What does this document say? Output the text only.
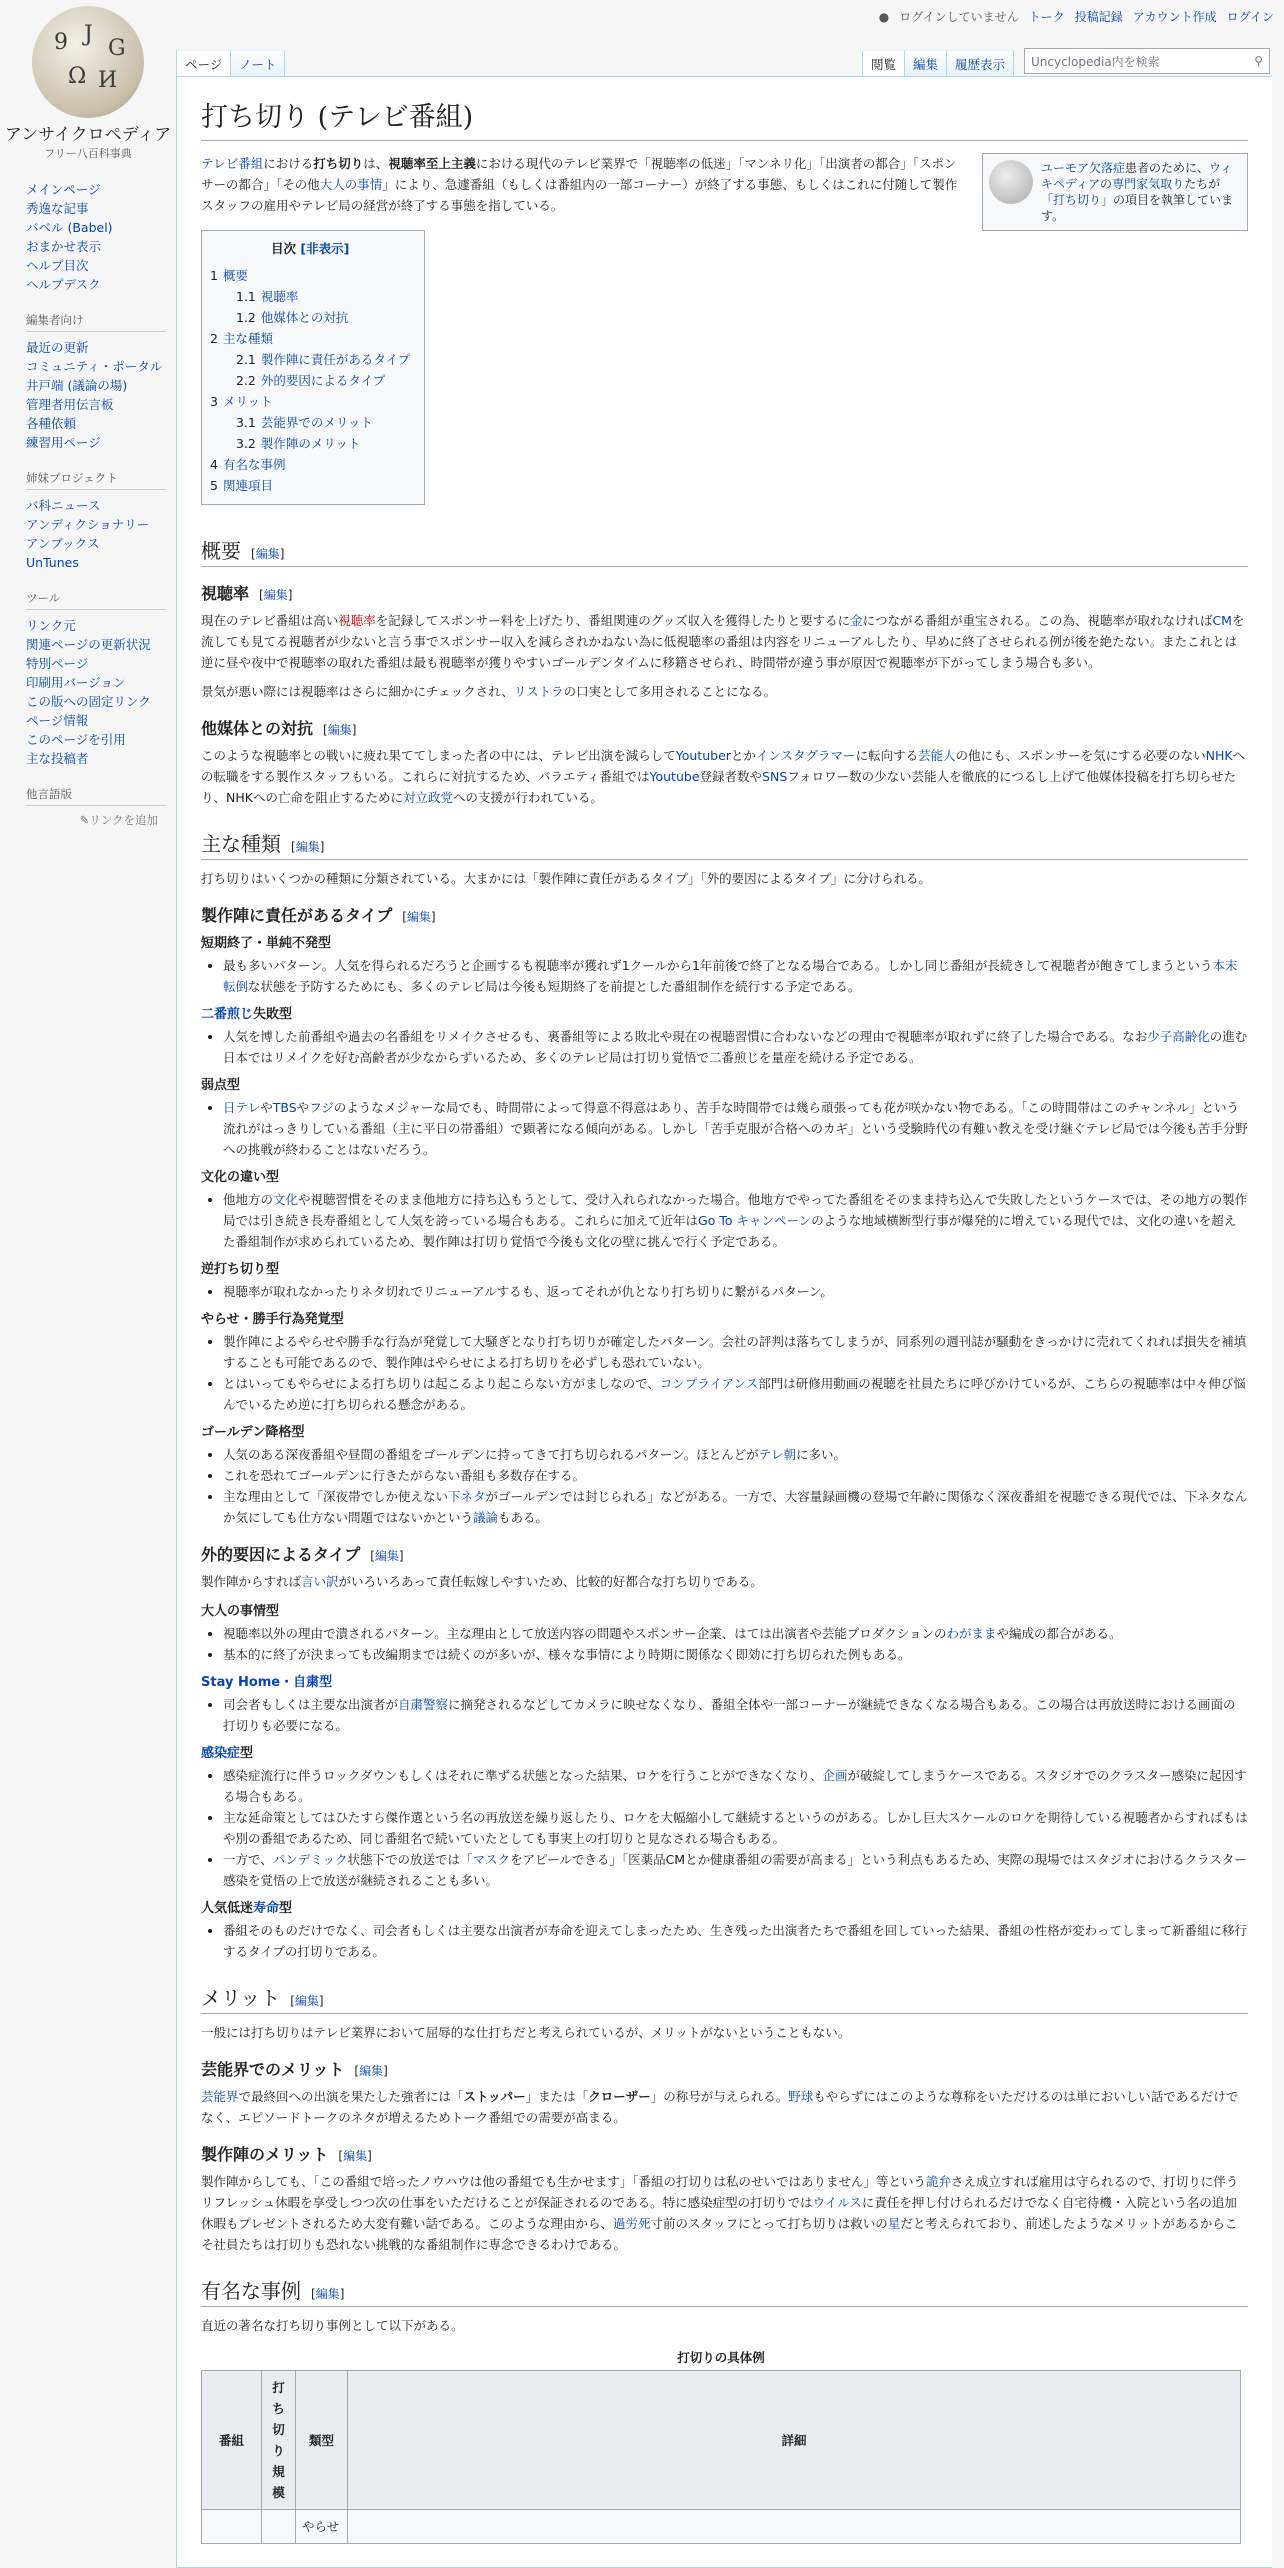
9 J
G
Ω И
アンサイクロペディア
フリー八百科事典
● ログインしていません トーク 投稿記録 アカウント作成 ログイン
ページ	ノート	閲覧	編集	履歴表示	Uncyclopedia内を検索	⚲
メインページ
秀逸な記事
バベル (Babel)
おまかせ表示
ヘルプ目次
ヘルプデスク
編集者向け
最近の更新
コミュニティ・ポータル
井戸端 (議論の場)
管理者用伝言板
各種依頼
練習用ページ
姉妹プロジェクト
バ科ニュース
アンディクショナリー
アンブックス
UnTunes
ツール
リンク元
関連ページの更新状況
特別ページ
印刷用バージョン
この版への固定リンク
ページ情報
このページを引用
主な投稿者
他言語版
✎リンクを追加
打ち切り (テレビ番組)
ユーモア欠落症患者のために、ウィキペディアの専門家気取りたちが「打ち切り」の項目を執筆しています。

テレビ番組における打ち切りは、視聴率至上主義における現代のテレビ業界で「視聴率の低迷」「マンネリ化」「出演者の都合」「スポンサーの都合」「その他大人の事情」により、急遽番組（もしくは番組内の一部コーナー）が終了する事態、もしくはこれに付随して製作スタッフの雇用やテレビ局の経営が終了する事態を指している。

目次 [非表示]
1 概要
1.1 視聴率
1.2 他媒体との対抗
2 主な種類
2.1 製作陣に責任があるタイプ
2.2 外的要因によるタイプ
3 メリット
3.1 芸能界でのメリット
3.2 製作陣のメリット
4 有名な事例
5 関連項目
概要 [編集]
視聴率 [編集]

現在のテレビ番組は高い視聴率を記録してスポンサー料を上げたり、番組関連のグッズ収入を獲得したりと要するに金につながる番組が重宝される。この為、視聴率が取れなければCMを流しても見てる視聴者が少ないと言う事でスポンサー収入を減らされかねない為に低視聴率の番組は内容をリニューアルしたり、早めに終了させられる例が後を絶たない。またこれとは逆に昼や夜中で視聴率の取れた番組は最も視聴率が獲りやすいゴールデンタイムに移籍させられ、時間帯が違う事が原因で視聴率が下がってしまう場合も多い。

景気が悪い際には視聴率はさらに細かにチェックされ、リストラの口実として多用されることになる。

他媒体との対抗 [編集]

このような視聴率との戦いに疲れ果ててしまった者の中には、テレビ出演を減らしてYoutuberとかインスタグラマーに転向する芸能人の他にも、スポンサーを気にする必要のないNHKへの転職をする製作スタッフもいる。これらに対抗するため、バラエティ番組ではYoutube登録者数やSNSフォロワー数の少ない芸能人を徹底的につるし上げて他媒体投稿を打ち切らせたり、NHKへの亡命を阻止するために対立政党への支援が行われている。

主な種類 [編集]

打ち切りはいくつかの種類に分類されている。大まかには「製作陣に責任があるタイプ」「外的要因によるタイプ」に分けられる。

製作陣に責任があるタイプ [編集]
短期終了・単純不発型
• 最も多いパターン。人気を得られるだろうと企画するも視聴率が獲れず1クールから1年前後で終了となる場合である。しかし同じ番組が長続きして視聴者が飽きてしまうという本末転倒な状態を予防するためにも、多くのテレビ局は今後も短期終了を前提とした番組制作を続行する予定である。
二番煎じ失敗型
• 人気を博した前番組や過去の名番組をリメイクさせるも、裏番組等による敗北や現在の視聴習慣に合わないなどの理由で視聴率が取れずに終了した場合である。なお少子高齢化の進む日本ではリメイクを好む高齢者が少なからずいるため、多くのテレビ局は打切り覚悟で二番煎じを量産を続ける予定である。
弱点型
• 日テレやTBSやフジのようなメジャーな局でも、時間帯によって得意不得意はあり、苦手な時間帯では幾ら頑張っても花が咲かない物である。「この時間帯はこのチャンネル」という流れがはっきりしている番組（主に平日の帯番組）で顕著になる傾向がある。しかし「苦手克服が合格へのカギ」という受験時代の有難い教えを受け継ぐテレビ局では今後も苦手分野への挑戦が終わることはないだろう。
文化の違い型
• 他地方の文化や視聴習慣をそのまま他地方に持ち込もうとして、受け入れられなかった場合。他地方でやってた番組をそのまま持ち込んで失敗したというケースでは、その地方の製作局では引き続き長寿番組として人気を誇っている場合もある。これらに加えて近年はGo To キャンペーンのような地域横断型行事が爆発的に増えている現代では、文化の違いを超えた番組制作が求められているため、製作陣は打切り覚悟で今後も文化の壁に挑んで行く予定である。
逆打ち切り型
• 視聴率が取れなかったりネタ切れでリニューアルするも、返ってそれが仇となり打ち切りに繋がるパターン。
やらせ・勝手行為発覚型
• 製作陣によるやらせや勝手な行為が発覚して大騒ぎとなり打ち切りが確定したパターン。会社の評判は落ちてしまうが、同系列の週刊誌が騒動をきっかけに売れてくれれば損失を補填することも可能であるので、製作陣はやらせによる打ち切りを必ずしも恐れていない。
• とはいってもやらせによる打ち切りは起こるより起こらない方がましなので、コンプライアンス部門は研修用動画の視聴を社員たちに呼びかけているが、こちらの視聴率は中々伸び悩んでいるため逆に打ち切られる懸念がある。
ゴールデン降格型
• 人気のある深夜番組や昼間の番組をゴールデンに持ってきて打ち切られるパターン。ほとんどがテレ朝に多い。
• これを恐れてゴールデンに行きたがらない番組も多数存在する。
• 主な理由として「深夜帯でしか使えない下ネタがゴールデンでは封じられる」などがある。一方で、大容量録画機の登場で年齢に関係なく深夜番組を視聴できる現代では、下ネタなんか気にしても仕方ない問題ではないかという議論もある。
外的要因によるタイプ [編集]

製作陣からすれば言い訳がいろいろあって責任転嫁しやすいため、比較的好都合な打ち切りである。

大人の事情型
• 視聴率以外の理由で潰されるパターン。主な理由として放送内容の問題やスポンサー企業、はては出演者や芸能プロダクションのわがままや編成の都合がある。
• 基本的に終了が決まっても改編期までは続くのが多いが、様々な事情により時期に関係なく即効に打ち切られた例もある。
Stay Home・自粛型
• 司会者もしくは主要な出演者が自粛警察に摘発されるなどしてカメラに映せなくなり、番組全体や一部コーナーが継続できなくなる場合もある。この場合は再放送時における画面の打切りも必要になる。
感染症型
• 感染症流行に伴うロックダウンもしくはそれに準ずる状態となった結果、ロケを行うことができなくなり、企画が破綻してしまうケースである。スタジオでのクラスター感染に起因する場合もある。
• 主な延命策としてはひたすら傑作選という名の再放送を繰り返したり、ロケを大幅縮小して継続するというのがある。しかし巨大スケールのロケを期待している視聴者からすればもはや別の番組であるため、同じ番組名で続いていたとしても事実上の打切りと見なされる場合もある。
• 一方で、パンデミック状態下での放送では「マスクをアピールできる」「医薬品CMとか健康番組の需要が高まる」という利点もあるため、実際の現場ではスタジオにおけるクラスター感染を覚悟の上で放送が継続されることも多い。
人気低迷寿命型
• 番組そのものだけでなく、司会者もしくは主要な出演者が寿命を迎えてしまったため、生き残った出演者たちで番組を回していった結果、番組の性格が変わってしまって新番組に移行するタイプの打切りである。
メリット [編集]

一般には打ち切りはテレビ業界において屈辱的な仕打ちだと考えられているが、メリットがないということもない。

芸能界でのメリット [編集]

芸能界で最終回への出演を果たした強者には「ストッパー」または「クローザー」の称号が与えられる。野球もやらずにはこのような尊称をいただけるのは単においしい話であるだけでなく、エピソードトークのネタが増えるためトーク番組での需要が高まる。

製作陣のメリット [編集]

製作陣からしても、「この番組で培ったノウハウは他の番組でも生かせます」「番組の打切りは私のせいではありません」等という詭弁さえ成立すれば雇用は守られるので、打切りに伴うリフレッシュ休暇を享受しつつ次の仕事をいただけることが保証されるのである。特に感染症型の打切りではウイルスに責任を押し付けられるだけでなく自宅待機・入院という名の追加休暇もプレゼントされるため大変有難い話である。このような理由から、過労死寸前のスタッフにとって打ち切りは救いの星だと考えられており、前述したようなメリットがあるからこそ社員たちは打切りも恐れない挑戦的な番組制作に専念できるわけである。

有名な事例 [編集]

直近の著名な打ち切り事例として以下がある。

打切りの具体例
番組	打ち切り規模	類型	詳細
		やらせ	
